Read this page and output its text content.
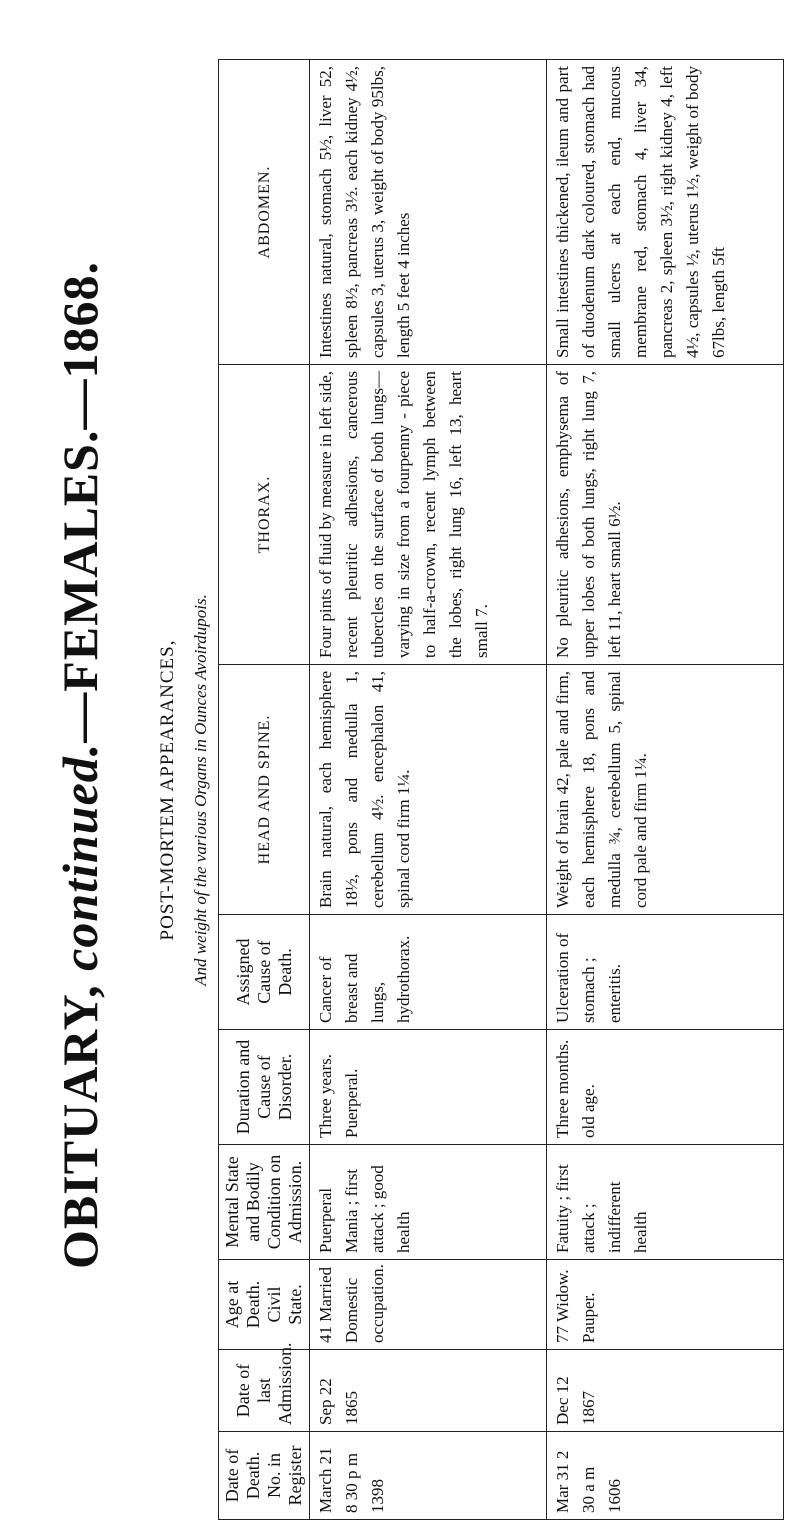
OBITUARY,

continued.
—FEMALES.—1868.
POST-MORTEM APPEARANCES, And weight of the various Organs in Ounces Avoirdupois.
Date of Death. No. in Register	Date of last Admission.	Age at Death. Civil State.	Mental State and Bodily Condition on Admission.	Duration and Cause of Disorder.	Assigned Cause of Death.	HEAD AND SPINE.	THORAX.	ABDOMEN.
March 21 8 30 p m 1398	Sep 22 1865	41 Married Domestic occupation.	Puerperal Mania ; first attack ; good health	Three years. Puerperal.	Cancer of breast and lungs, hydrothorax.	Brain natural, each hemisphere 18½, pons and medulla 1, cerebellum 4½. encephalon 41, spinal cord firm 1¼.	Four pints of fluid by measure in left side, recent pleuritic adhesions, cancerous tubercles on the surface of both lungs—varying in size from a fourpenny - piece to half-a-crown, recent lymph between the lobes, right lung 16, left 13, heart small 7.	Intestines natural, stomach 5½, liver 52, spleen 8½, pancreas 3½. each kidney 4½, capsules 3, uterus 3, weight of body 95lbs, length 5 feet 4 inches

Mar 31 2 30 a m 1606	Dec 12 1867	77 Widow. Pauper.	Fatuity ; first attack ; indifferent health	Three months. old age.	Ulceration of stomach ; enteritis.	Weight of brain 42, pale and firm, each hemisphere 18, pons and medulla ¾, cerebellum 5, spinal cord pale and firm 1¼.	No pleuritic adhesions, emphysema of upper lobes of both lungs, right lung 7, left 11, heart small 6½.	Small intestines thickened, ileum and part of duodenum dark coloured, stomach had small ulcers at each end, mucous membrane red, stomach 4, liver 34, pancreas 2, spleen 3½, right kidney 4, left 4½, capsules ½, uterus 1½, weight of body 67lbs, length 5ft
